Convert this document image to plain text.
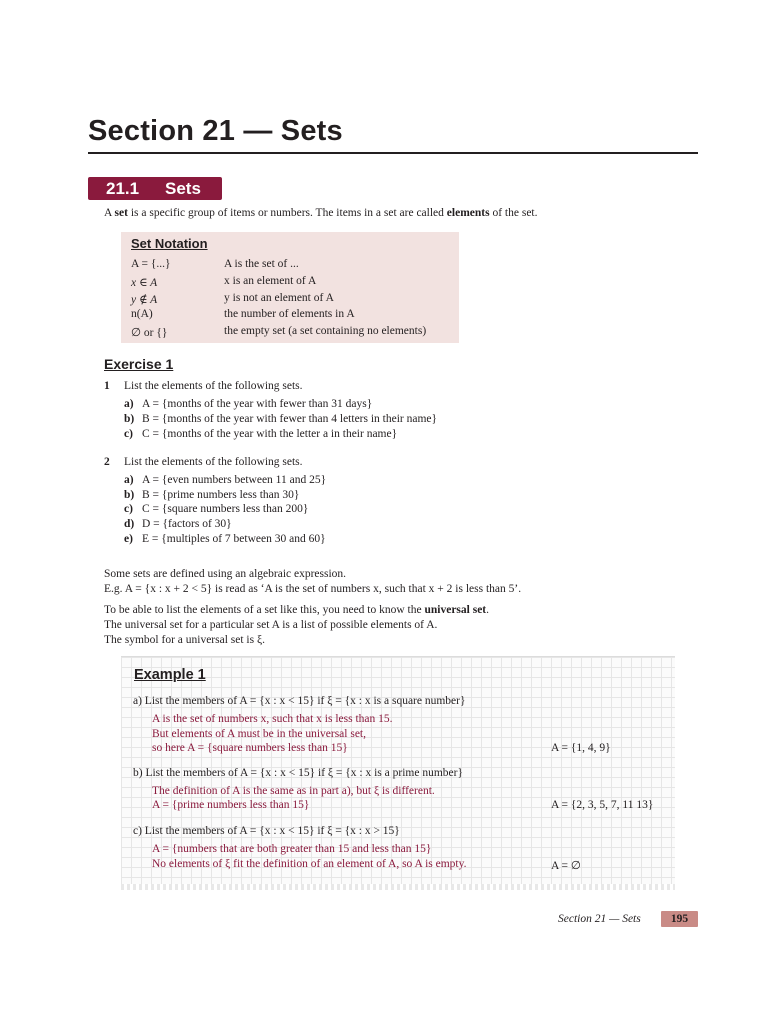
Section 21 — Sets
21.1 Sets
A set is a specific group of items or numbers. The items in a set are called elements of the set.
Set Notation
A = {...}	A is the set of ...
x ∈ A	x is an element of A
y ∉ A	y is not an element of A
n(A)	the number of elements in A
∅ or {}	the empty set (a set containing no elements)
Exercise 1
1 List the elements of the following sets.
a) A = {months of the year with fewer than 31 days}
b) B = {months of the year with fewer than 4 letters in their name}
c) C = {months of the year with the letter a in their name}
2 List the elements of the following sets.
a) A = {even numbers between 11 and 25}
b) B = {prime numbers less than 30}
c) C = {square numbers less than 200}
d) D = {factors of 30}
e) E = {multiples of 7 between 30 and 60}
Some sets are defined using an algebraic expression.
E.g. A = {x : x + 2 < 5} is read as ‘A is the set of numbers x, such that x + 2 is less than 5’.
To be able to list the elements of a set like this, you need to know the universal set.
The universal set for a particular set A is a list of possible elements of A.
The symbol for a universal set is ξ.
Example 1
a) List the members of A = {x : x < 15} if ξ = {x : x is a square number}
A is the set of numbers x, such that x is less than 15.
But elements of A must be in the universal set,
so here A = {square numbers less than 15}	A = {1, 4, 9}
b) List the members of A = {x : x < 15} if ξ = {x : x is a prime number}
The definition of A is the same as in part a), but ξ is different.
A = {prime numbers less than 15}	A = {2, 3, 5, 7, 11 13}
c) List the members of A = {x : x < 15} if ξ = {x : x > 15}
A = {numbers that are both greater than 15 and less than 15}
No elements of ξ fit the definition of an element of A, so A is empty.	A = ∅
Section 21 — Sets	195
